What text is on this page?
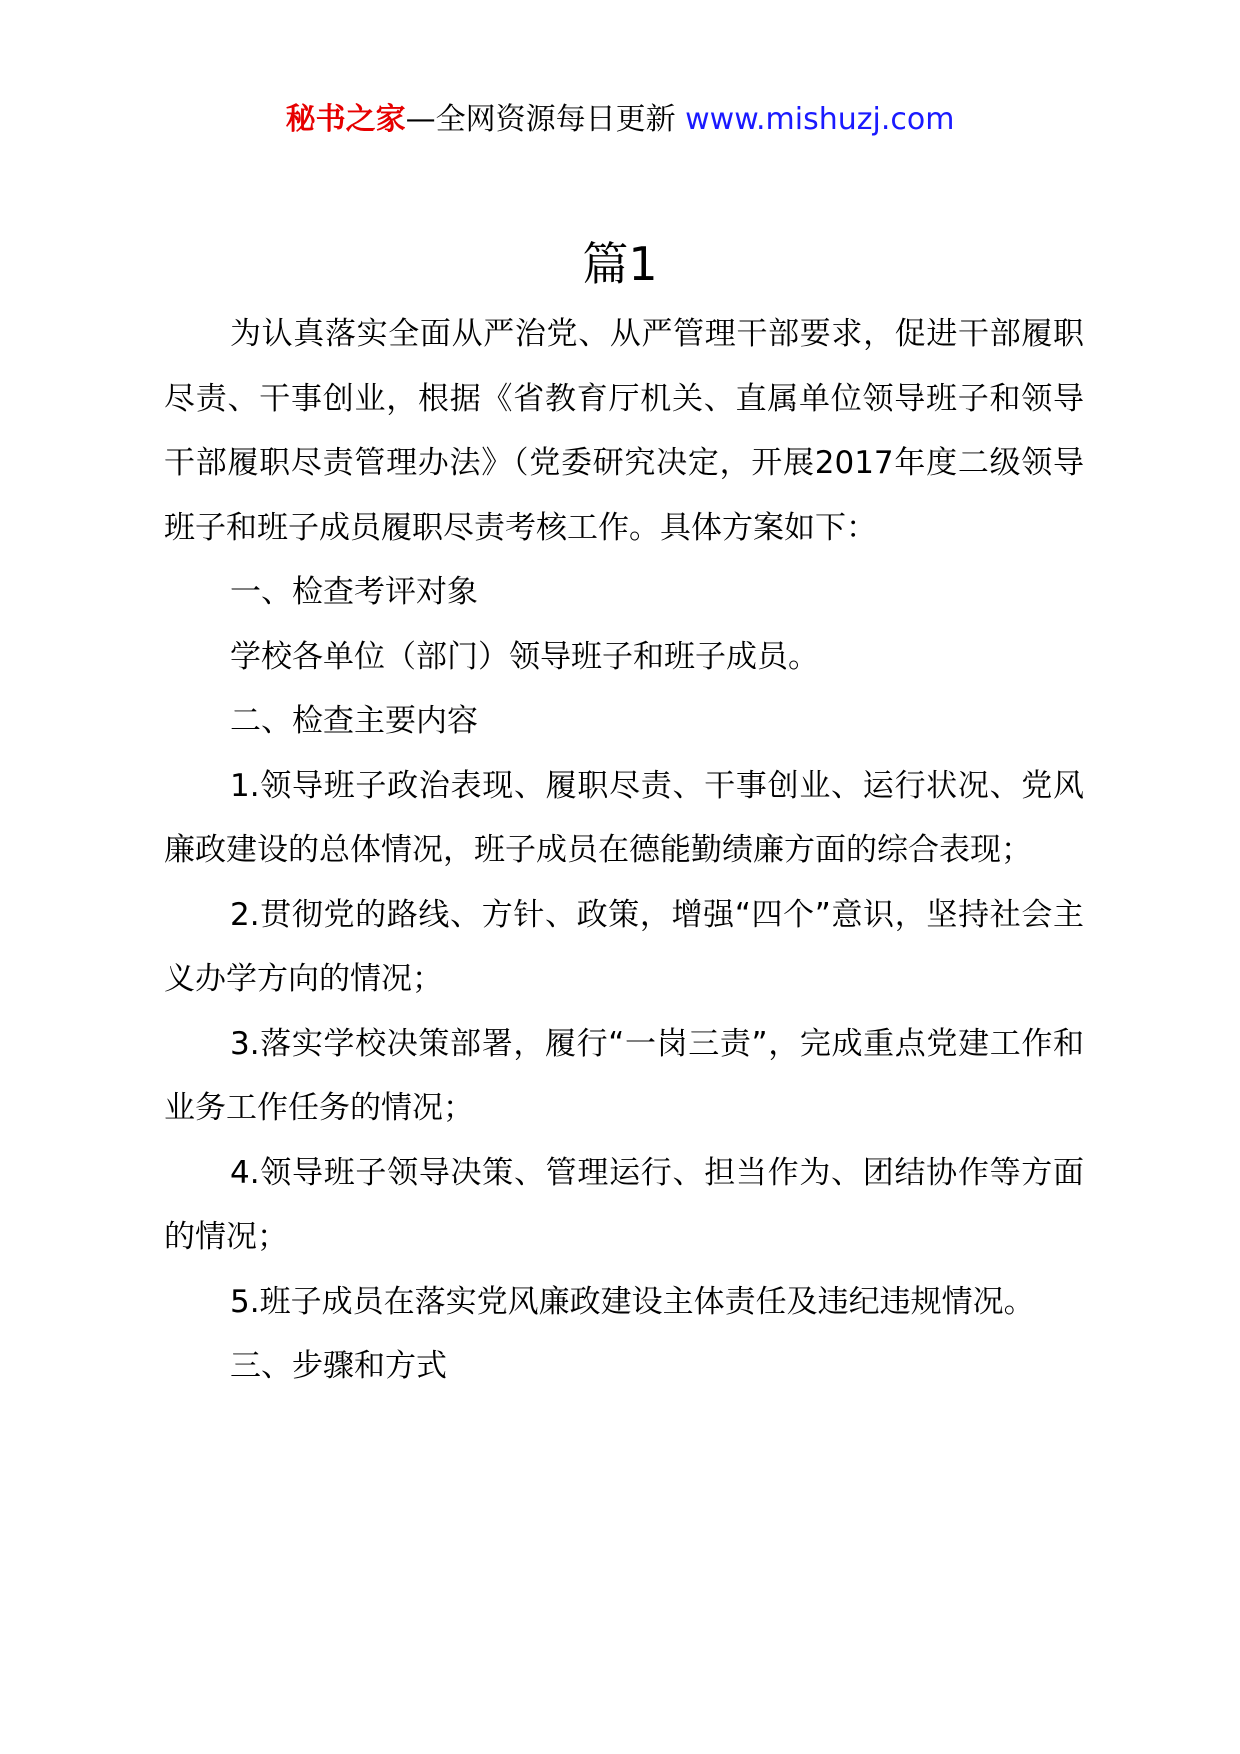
秘书之家—全网资源每日更新 www.mishuzj.com
篇1

为认真落实全面从严治党、从严管理干部要求，促进干部履职尽责、干事创业，根据《省教育厅机关、直属单位领导班子和领导干部履职尽责管理办法》（党委研究决定，开展2017年度二级领导班子和班子成员履职尽责考核工作。具体方案如下：

一、检查考评对象

学校各单位（部门）领导班子和班子成员。

二、检查主要内容

1.领导班子政治表现、履职尽责、干事创业、运行状况、党风廉政建设的总体情况，班子成员在德能勤绩廉方面的综合表现；

2.贯彻党的路线、方针、政策，增强“四个”意识，坚持社会主义办学方向的情况；

3.落实学校决策部署，履行“一岗三责”，完成重点党建工作和业务工作任务的情况；

4.领导班子领导决策、管理运行、担当作为、团结协作等方面的情况；

5.班子成员在落实党风廉政建设主体责任及违纪违规情况。

三、步骤和方式
